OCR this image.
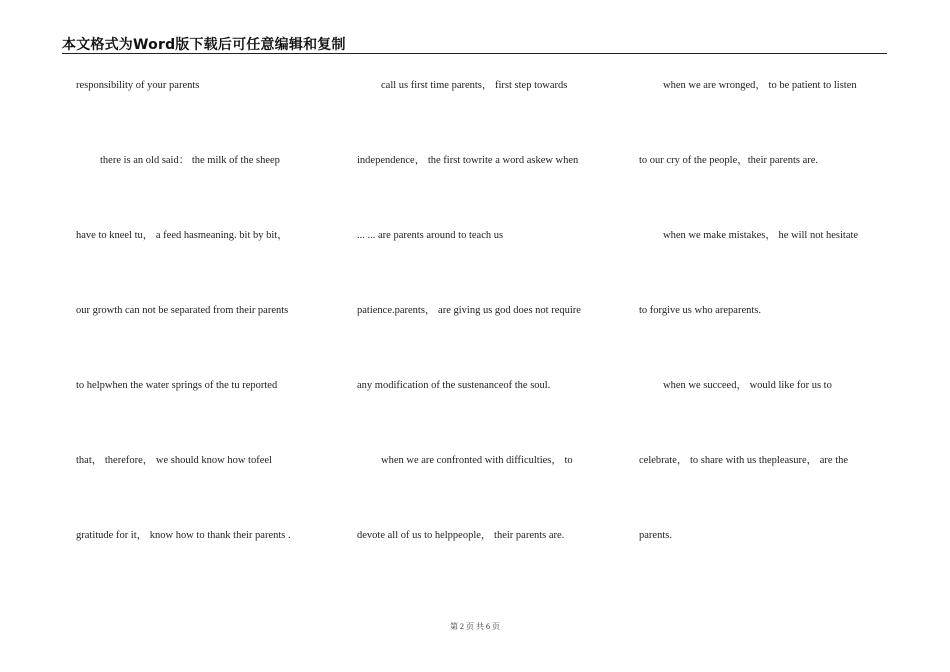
本文格式为Word版下载后可任意编辑和复制
responsibility of your parents
there is an old said： the milk of the sheep
have to kneel tu， a feed hasmeaning. bit by bit，
our growth can not be separated from their parents
to helpwhen the water springs of the tu reported
that， therefore， we should know how tofeel
gratitude for it， know how to thank their parents .
call us first time parents， first step towards
independence， the first towrite a word askew when
... ... are parents around to teach us
patience.parents， are giving us god does not require
any modification of the sustenanceof the soul.
when we are confronted with difficulties， to
devote all of us to helppeople， their parents are.
when we are wronged， to be patient to listen
to our cry of the people，their parents are.
when we make mistakes， he will not hesitate
to forgive us who areparents.
when we succeed， would like for us to
celebrate， to share with us thepleasure， are the
parents.
第 2 页 共 6 页
